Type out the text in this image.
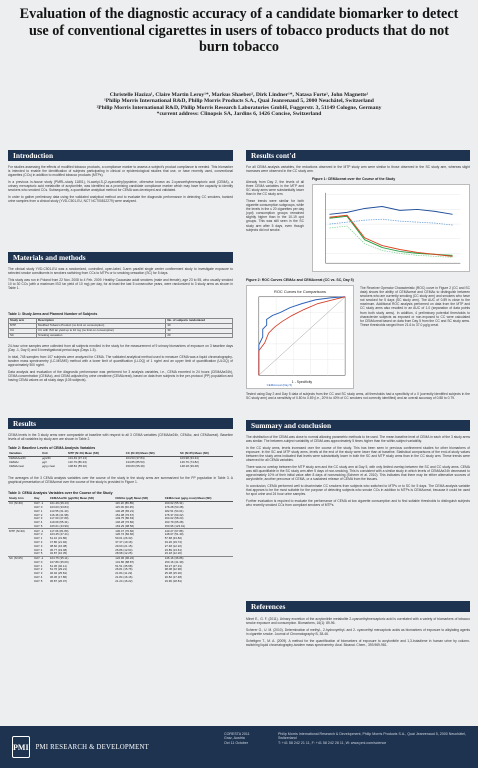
Evaluation of the diagnostic accuracy of a candidate biomarker to detect use of conventional cigarettes in users of tobacco products that do not burn tobacco
Christelle Haziza¹, Claire Martin Leroy¹*, Markus Shaeber², Dirk Lindner¹*, Natasa Forte¹, John Magnette¹
¹Philip Morris International R&D, Philip Morris Products S.A., Quai Jeanrenaud 5, 2000 Neuchâtel, Switzerland
²Philip Morris International R&D, Philip Morris Research Laboratories GmbH, Fuggerstr. 3, 51149 Cologne, Germany
*current address: Clinopsis SA, Jardins 6, 1426 Concise, Switzerland
Introduction

For studies assessing the effects of modified tobacco products, a compliance marker to assess a subject's product compliance is needed. This biomarker is intended to enable the identification of subjects participating in clinical or epidemiological studies that use, or have recently used, conventional cigarettes (CCs) in addition to modified tobacco products (MTPs).

In a previous in-house study (PMRL-study 11801), N-acetyl-S-(2-cyanoethyl)cysteine, otherwise known as 2-cyanoethylmercapturic acid (CEMA), a urinary mercapturic acid metabolite of acrylonitrile, was identified as a promising candidate compliance marker which may have the capacity to identify smokers who smoked CCs. Subsequently, a quantitative analytical method for CEMA was developed and validated.

In order to gather preliminary data using the validated analytical method and to evaluate the diagnostic performance in detecting CC smokers, banked urine samples from a clinical study (YVD-C501-EU, NCT NCT00812279) were analyzed.

Materials and methods

The clinical study YVD-C501-EU was a randomized, controlled, open-label, 3-arm parallel single center confinement study to investigate exposure to selected smoke constituents in smokers switching from CCs to MTPs or to smoking cessation (SC) for 5 days.

This study was run in Poland from 22 Nov. 2008 to 4 Feb. 2009. Healthy Caucasian adult smokers (male and female), age 23 to 55, who usually smoked 10 to 30 CCs (with a maximum ISO tar yield of 10 mg) per day, for at least the last 5 consecutive years, were randomized to 3 study arms as shown in Table 1.

Table 1: Study Arms and Planned Number of Subjects
Study arm	Description	No. of subjects randomized
MTP	Modified Tobacco Product (no limit on consumption)	30
CC	CC with ISO tar yield up to 10 mg (no limit on consumption)	30
SC	Smoking cessation	20

24-hour urine samples were collected from all subjects enrolled in the study for the measurement of 9 urinary biomarkers of exposure on 3 baseline days (Day -1, Day 0) and 5 investigational period days (Days 1-5).

In total, 748 samples from 107 subjects were analyzed for CEMA. The validated analytical method used to measure CEMA was a liquid chromatography-tandem mass spectrometry (LC-MS/MS) method with a lower limit of quantification (LLOQ) of 1 ng/ml and an upper limit of quantification (ULOQ) of approximately 500 ng/ml.

Data analysis and evaluation of the diagnostic performance was performed for 3 analysis variables, i.e., CEMA excreted in 24 hours (CEMAAe24h), CEMA concentration (CEMAc), and CEMA adjusted by urine creatinine (CEMAcreat), based on data from subjects in the per-protocol (PP) population and having CEMA values on all study days (105 subjects).

Results

CEMA levels in the 3 study arms were comparable at baseline with respect to all 3 CEMA variables (CEMAAe24h, CEMAc, and CEMAcreat). Baseline levels of all variables by study arm are shown in Table 2.

Table 2: Baseline Levels of CEMA Analysis Variables
Variables	Unit	MTP (N=40) Mean (SD)	CC (N=40) Mean (SD)	SC (N=25) Mean (SD)
CEMAAe24h	µg/24h	101.49 (37.13)	104.53 (37.84)	103.98 (33.34)
CEMAc	µg/l	110.79 (86.23)	134.85 (85.53)	126.76 (74.82)
CEMAcreat	µg/g creat	108.84 (55.32)	150.83 (55.49)	148.18 (39.48)

The averages of the 3 CEMA analysis variables over the course of the study in the study arms are summarized for the PP population in Table 3. A graphical presentation of CEMAcreat over the course of the study is provided in Figure 1.

Table 3: CEMA Analysis Variables over the Course of the Study
Study Arm	Day	CEMAAe24h (µg/24h) Mean (SD)	CEMAc (µg/l) Mean (SD)	CEMAcreat (µg/g creat) Mean (SD)
CC (N=40)	DAY -1	101.49 (39.13)	116.20 (86.89)	160.62 (55.31)
	DAY 0	103.00 (33.84)	115.09 (60.45)	176.28 (53.28)
	DAY 1	113.55 (31.44)	140.28 (65.21)	182.51 (54.01)
	DAY 2	116.46 (41.98)	151.08 (76.67)	175.37 (60.22)
	DAY 3	117.60 (47.80)	149.75 (80.63)	164.02 (58.24)
	DAY 4	119.09 (55.41)	146.28 (76.82)	163.79 (65.28)
	DAY 5	106.61 (43.99)	163.29 (98.56)	150.96 (123.01)
MTP (N=40)	DAY -1	117.06 (81.80)	130.47 (70.60)	140.27 (67.86)
	DAY 0	103.45 (47.41)	126.72 (82.60)	148.07 (51.40)
	DAY 1	61.10 (31.86)	50.01 (26.33)	57.68 (23.82)
	DAY 2	47.80 (21.92)	37.37 (19.16)	34.26 (19.74)
	DAY 3	38.60 (16.38)	29.60 (21.15)	27.48 (12.22)
	DAY 4	36.77 (19.48)	26.86 (12.64)	23.89 (13.61)
	DAY 5	32.87 (16.35)	28.98 (12.25)	23.18 (12.20)
SC (N=25)	DAY -1	104.75 (35.11)	122.06 (96.22)	146.16 (36.86)
	DAY 0	107.86 (35.06)	131.80 (88.87)	150.16 (41.39)
	DAY 1	61.36 (40.11)	51.51 (35.68)	63.27 (27.31)
	DAY 2	51.76 (29.21)	26.81 (15.76)	38.08 (22.96)
	DAY 3	46.02 (25.81)	21.84 (11.22)	25.38 (15.20)
	DAY 4	36.36 (17.86)	21.84 (16.16)	20.82 (17.48)
	DAY 5	36.87 (26.07)	21.24 (16.22)	19.96 (18.81)
Results cont'd

For all CEMA analysis variables, the reductions observed in the MTP study arm were similar to those observed in the SC study arm, whereas slight increases were observed in the CC study arm.

Already from Day 2, the levels of all three CEMA variables in the MTP and SC study arms were substantially lower than in the CC study arm.

These trends were similar for both cigarette consumption subgroups, while the levels in the ≤ 20 cigarettes per day (cpd) consumption groups remained slightly higher than in the 10-19 cpd groups. This was still seen in the SC study arm after 5 days, even though subjects did not smoke.

Figure 1: CEMAcreat over the Course of the Study
Figure 2: ROC Curves CEMAc and CEMAcreat (CC vs. SC, Day 5)
ROC Curves for Comparisons
1 - Specificity
CEMAcreat (Day 5)

The Receiver Operator Characteristic (ROC) curve in Figure 2 (CC and SC data) shows the ability of CEMAcreat and CEMAc to distinguish between smokers who are currently smoking (CC study arm) and smokers who have not smoked for 5 days (SC study arm). The AUC of 0.89 is close to the maximum. Additional ROC analysis performed on data from the MTP and CC study arms also resulted in an AUC of 1.0 (separation of data points from both study arms). In addition, 4 preliminary potential thresholds to characterize subjects as exposed or non-exposed to CC were calculated for CEMAcreat based on data from Day 5 from the CC and SC study arms. These thresholds ranged from 21.6 to 37.0 µg/g creat.

Tested using Day 2 and Day 5 data of subjects from the CC and SC study arms, all thresholds had a specificity of ≥ 0 (correctly identified subjects in the SC study arm) and a sensitivity of 0.80 to 0.89 (i.e., 20% to 40% of CC smokers not correctly identified) and an overall accuracy of 0.88 to 0.79.

Summary and conclusion

The distribution of the CEMA was close to normal allowing parametric methods to be used. The mean baseline level of CEMA in each of the 3 study arms was similar. The between-subject variability of CEMA was approximately 5 times higher than the within-subject variability.

In the CC study arms, levels increased over the course of the study. This has been seen in previous confinement studies for other biomarkers of exposure. In the SC and MTP study arms, levels at the end of the study were lower than at baseline. Statistical comparisons of the end-of-study values between the study arms indicated that levels were substantially lower in both the SC and MTP study arms than in the CC study arm. These trends were observed for all CEMA variables.

There was no overlap between the MTP study arm and the CC study arm at Day 5, with only limited overlap between the SC and CC study arms. CEMA was still quantifiable in the SC study arm after 5 days of non-smoking. This is consistent with a similar study in which levels of CEMAAe24h decreased to approximately 10% of their initial value after 8 days of nonsmoking (Scherer et al. 2010). This indicates that there may be either alternative sources of acrylonitrile, another precursor of CEMA, or a sustained release of CEMA from the tissues.

In conclusion, CEMA performed well to discriminate CC smokers from subjects who switched to MTPs or to SC for 5 days. The CEMA analysis variable that appears to be the most suitable for the purpose of detecting subjects who smoke CCs in addition to MTPs is CEMAcreat, because it could be used for spot urine and 24 hour urine samples.

Further evaluation is required to evaluate the performance of CEMA at low cigarette consumption and to find suitable thresholds to distinguish subjects who recently smoked CCs from compliant smokers of MTPs.

References

Minet E., G. F. (2011). Urinary excretion of the acrylonitrile metabolite 2-cyanoethylmercapturic acid is correlated with a variety of biomarkers of tobacco smoke exposure and consumption. Biomarkers, 16(1): 89-96.

Scherer G., U. M. (2010). Determination of methyl-, 2-hydroxyethyl- and 2- cyanoethyl mercapturic acids as biomarkers of exposure to alkylating agents in cigarette smoke. Journal of Chromatography B, 38-46.

Schettgen T., M. A. (2009). A method for the quantification of biomarkers of exposure to acrylonitrile and 1,3-butadiene in human urine by column-switching liquid chromatography-tandem mass spectrometry. Anal. Bioanal. Chem., 393:969-981.

PMI PMI RESEARCH & DEVELOPMENT
CORESTA 2011
Graz, Austria
Oct 11 October
Philip Morris International Research & Development, Philip Morris Products S.A., Quai Jeanrenaud 5, 2000 Neuchâtel, Switzerland
T: +41 58 242 21 11, F: +41 58 242 28 11, W: www.pmi.com/science
